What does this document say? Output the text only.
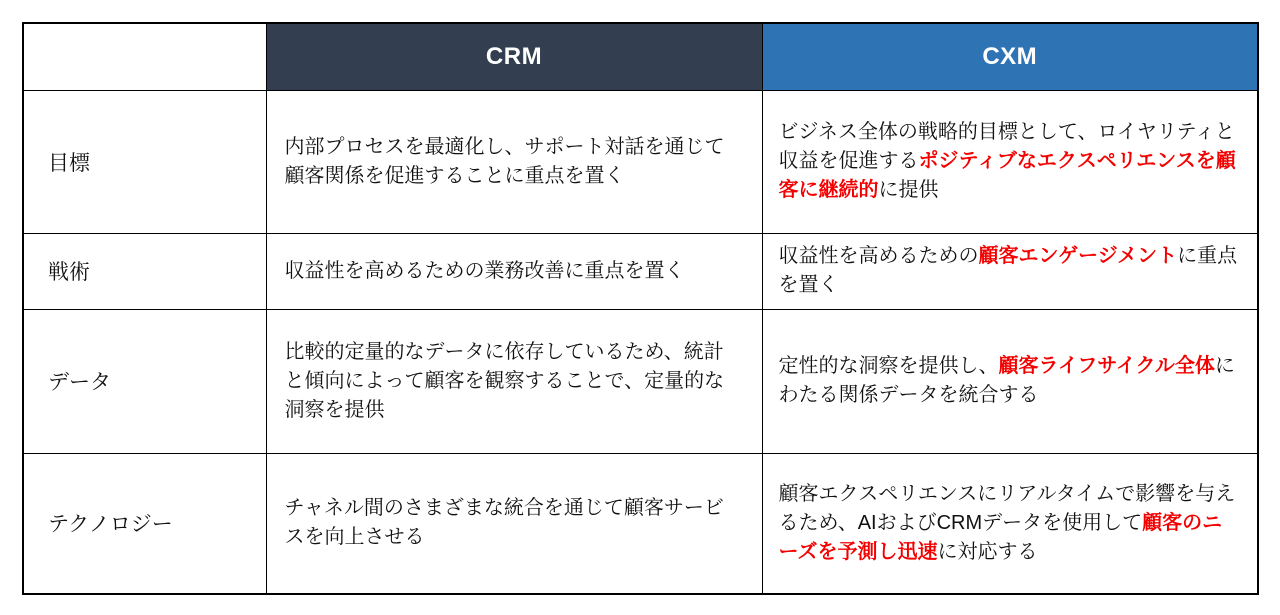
	CRM	CXM
目標	内部プロセスを最適化し、サポート対話を通じて顧客関係を促進することに重点を置く	ビジネス全体の戦略的目標として、ロイヤリティと収益を促進するポジティブなエクスペリエンスを顧客に継続的に提供
戦術	収益性を高めるための業務改善に重点を置く	収益性を高めるための顧客エンゲージメントに重点を置く
データ	比較的定量的なデータに依存しているため、統計と傾向によって顧客を観察することで、定量的な洞察を提供	定性的な洞察を提供し、顧客ライフサイクル全体にわたる関係データを統合する
テクノロジー	チャネル間のさまざまな統合を通じて顧客サービスを向上させる	顧客エクスペリエンスにリアルタイムで影響を与えるため、AIおよびCRMデータを使用して顧客のニーズを予測し迅速に対応する
